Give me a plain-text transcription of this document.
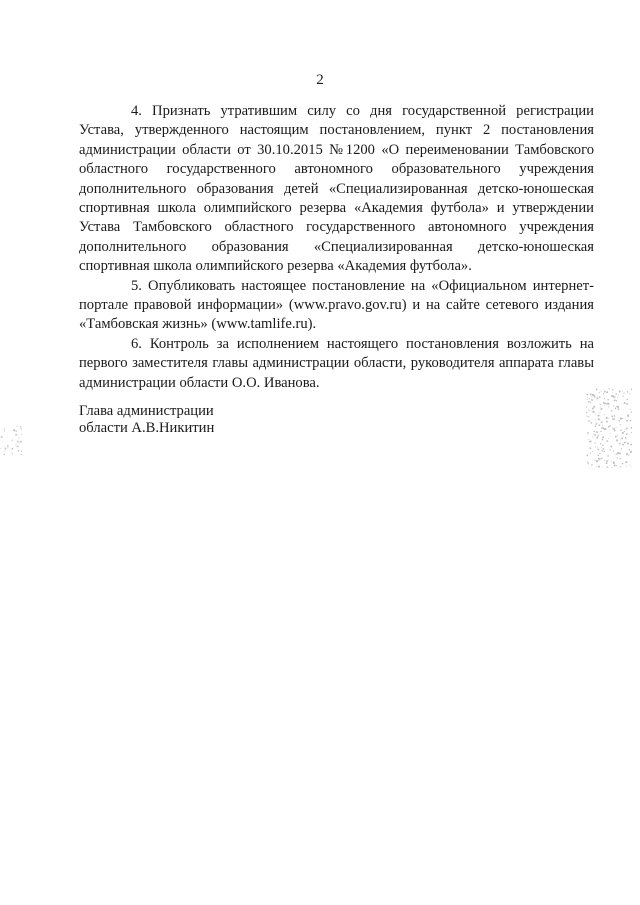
2

4. Признать утратившим силу со дня государственной регистрации Устава, утвержденного настоящим постановлением, пункт 2 постановления администрации области от 30.10.2015 №1200 «О переименовании Тамбовского областного государственного автономного образовательного учреждения дополнительного образования детей «Специализированная детско-юношеская спортивная школа олимпийского резерва «Академия футбола» и утверждении Устава Тамбовского областного государственного автономного учреждения дополнительного образования «Специализированная детско-юношеская спортивная школа олимпийского резерва «Академия футбола».

5. Опубликовать настоящее постановление на «Официальном интернет-портале правовой информации» (www.pravo.gov.ru) и на сайте сетевого издания «Тамбовская жизнь» (www.tamlife.ru).

6. Контроль за исполнением настоящего постановления возложить на первого заместителя главы администрации области, руководителя аппарата главы администрации области О.О. Иванова.

Глава администрации
области А.В.Никитин
